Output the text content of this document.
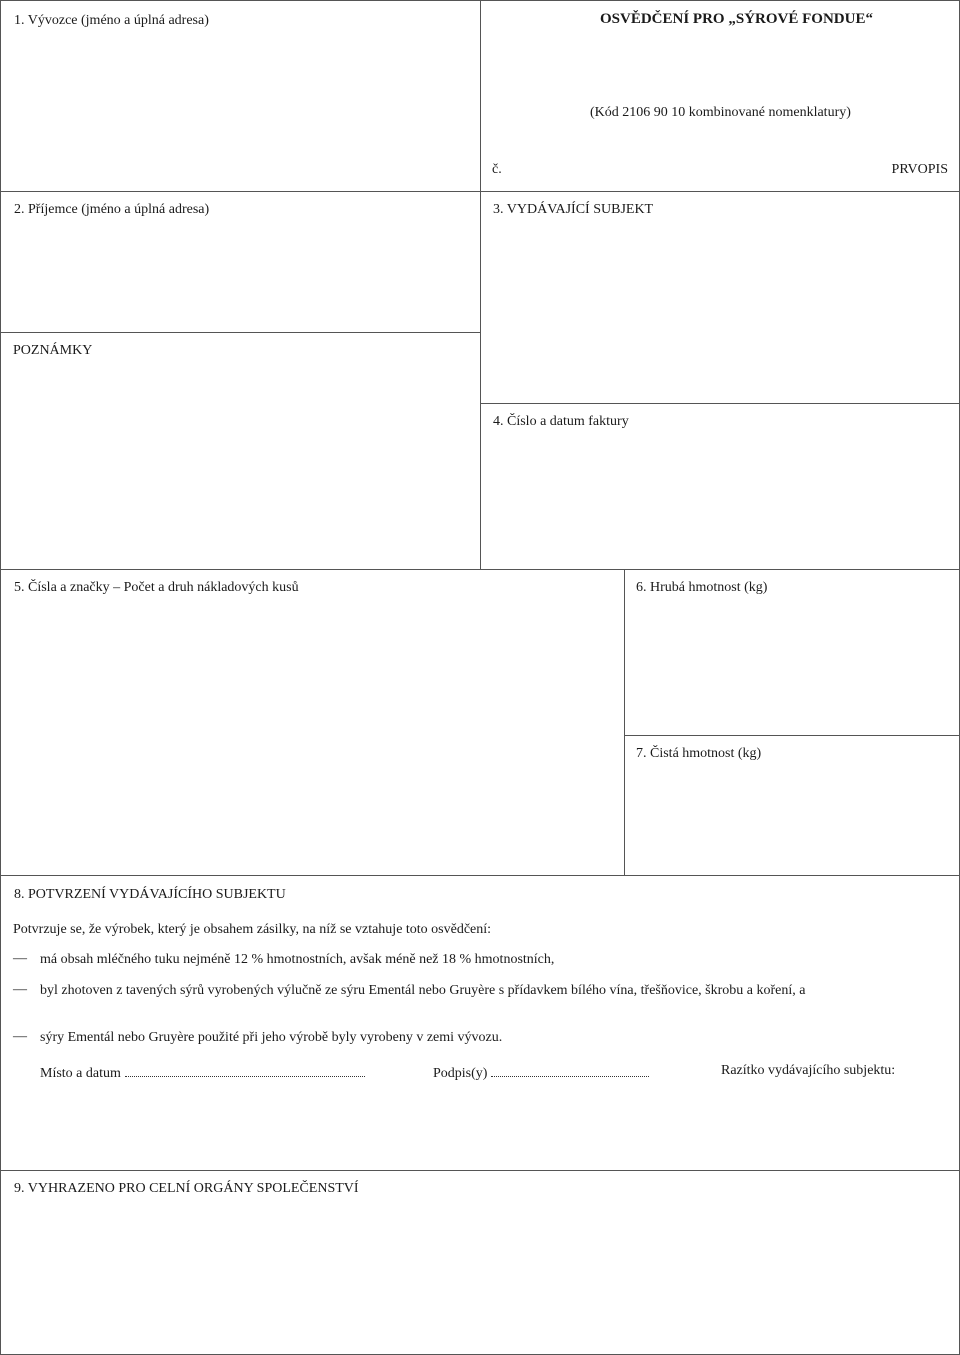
1. Vývozce (jméno a úplná adresa)	OSVĚDČENÍ PRO „SÝROVÉ FONDUE“
(Kód 2106 90 10 kombinované nomenklatury)
č.	PRVOPIS
2. Příjemce (jméno a úplná adresa)	3. VYDÁVAJÍCÍ SUBJEKT
POZNÁMKY
4. Číslo a datum faktury
5. Čísla a značky – Počet a druh nákladových kusů	6. Hrubá hmotnost (kg)
7. Čistá hmotnost (kg)
8. POTVRZENÍ VYDÁVAJÍCÍHO SUBJEKTU
Potvrzuje se, že výrobek, který je obsahem zásilky, na níž se vztahuje toto osvědčení:
— má obsah mléčného tuku nejméně 12 % hmotnostních, avšak méně než 18 % hmotnostních,
— byl zhotoven z tavených sýrů vyrobených výlučně ze sýru Ementál nebo Gruyère s přídavkem bílého vína, třešňovice, škrobu a koření, a
— sýry Ementál nebo Gruyère použité při jeho výrobě byly vyrobeny v zemi vývozu.
Místo a datum	Podpis(y)	Razítko vydávajícího subjektu:
9. VYHRAZENO PRO CELNÍ ORGÁNY SPOLEČENSTVÍ
